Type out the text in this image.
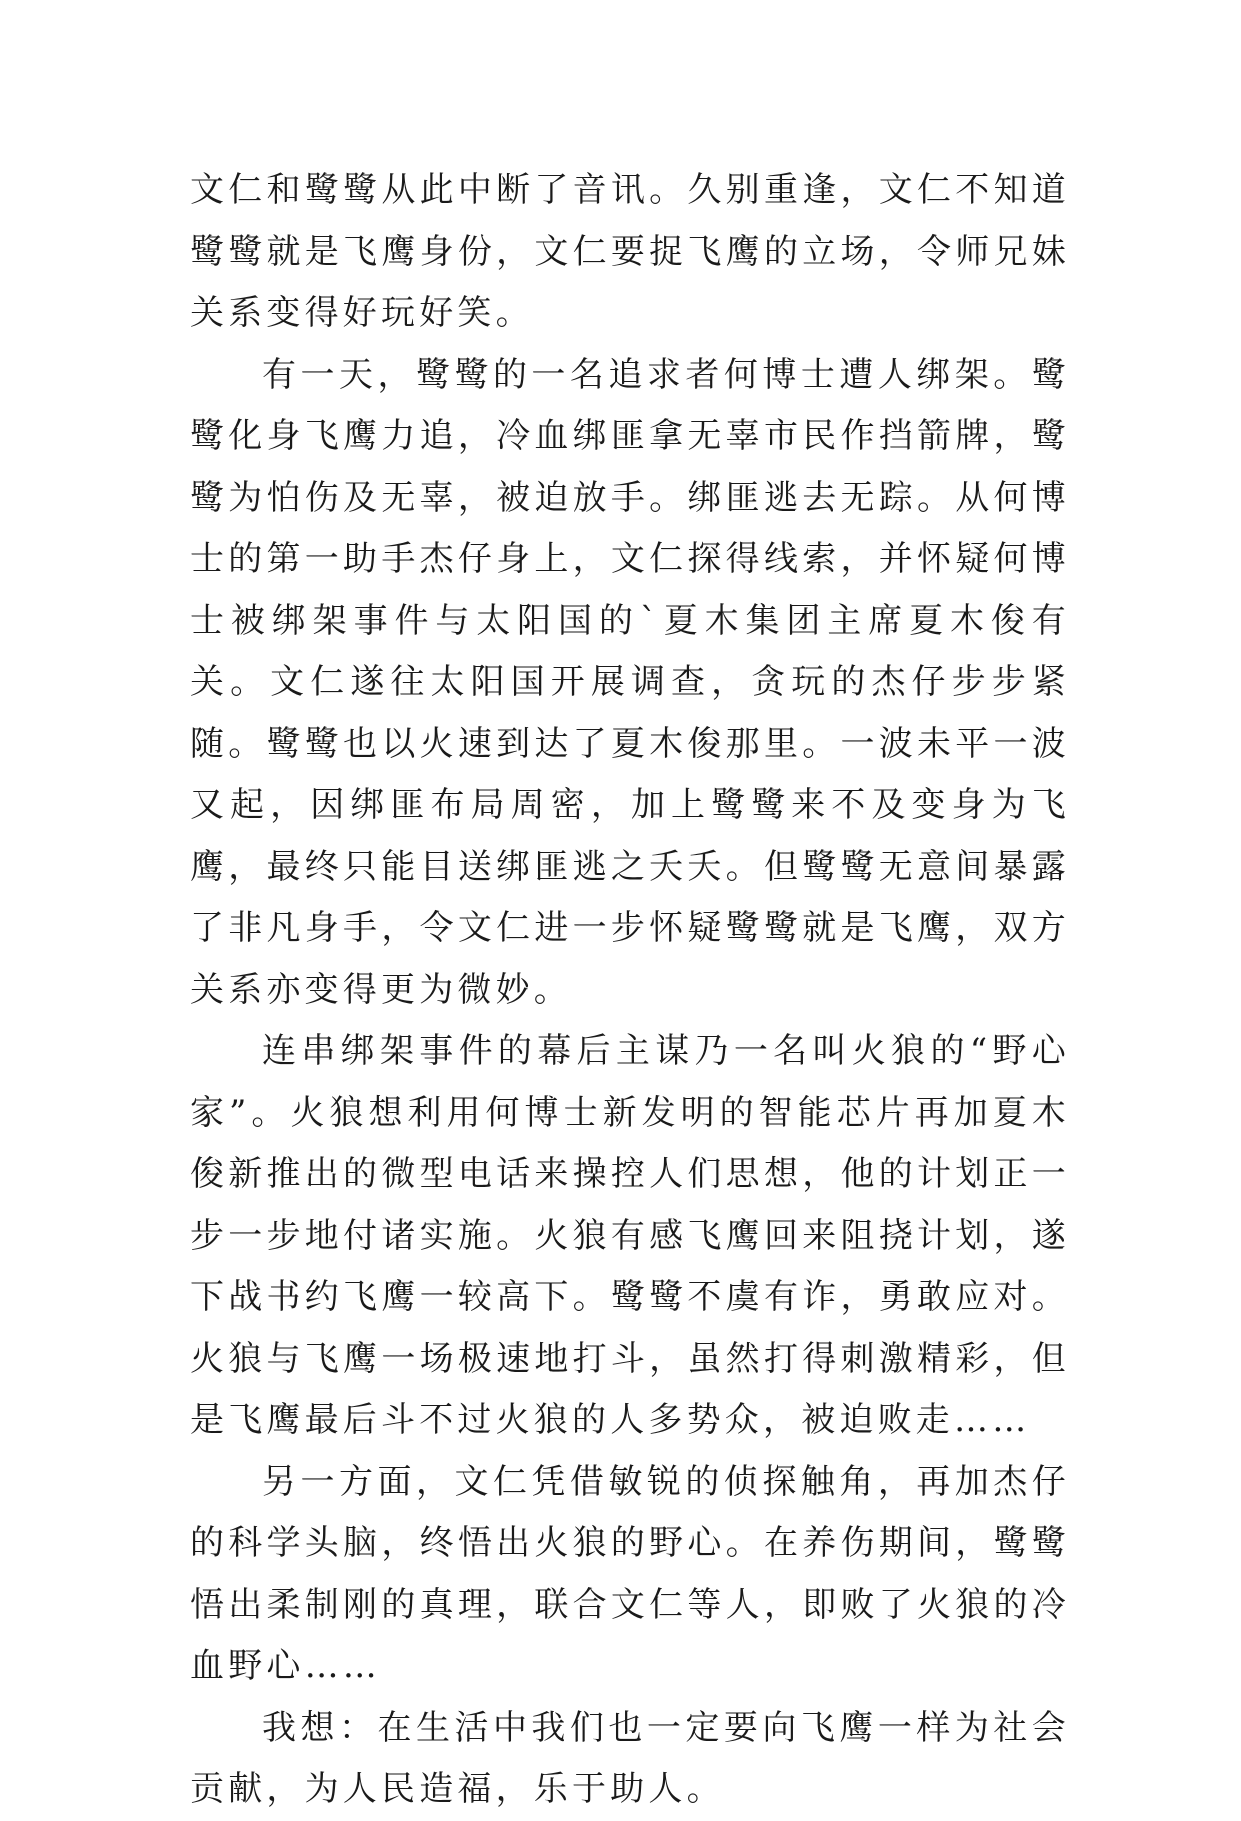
文仁和鹭鹭从此中断了音讯。久别重逢，文仁不知道鹭鹭就是飞鹰身份，文仁要捉飞鹰的立场，令师兄妹关系变得好玩好笑。

有一天，鹭鹭的一名追求者何博士遭人绑架。鹭鹭化身飞鹰力追，冷血绑匪拿无辜市民作挡箭牌，鹭鹭为怕伤及无辜，被迫放手。绑匪逃去无踪。从何博士的第一助手杰仔身上，文仁探得线索，并怀疑何博士被绑架事件与太阳国的`夏木集团主席夏木俊有关。文仁遂往太阳国开展调查，贪玩的杰仔步步紧随。鹭鹭也以火速到达了夏木俊那里。一波未平一波又起，因绑匪布局周密，加上鹭鹭来不及变身为飞鹰，最终只能目送绑匪逃之夭夭。但鹭鹭无意间暴露了非凡身手，令文仁进一步怀疑鹭鹭就是飞鹰，双方关系亦变得更为微妙。

连串绑架事件的幕后主谋乃一名叫火狼的“野心家”。火狼想利用何博士新发明的智能芯片再加夏木俊新推出的微型电话来操控人们思想，他的计划正一步一步地付诸实施。火狼有感飞鹰回来阻挠计划，遂下战书约飞鹰一较高下。鹭鹭不虞有诈，勇敢应对。火狼与飞鹰一场极速地打斗，虽然打得刺激精彩，但是飞鹰最后斗不过火狼的人多势众，被迫败走……

另一方面，文仁凭借敏锐的侦探触角，再加杰仔的科学头脑，终悟出火狼的野心。在养伤期间，鹭鹭悟出柔制刚的真理，联合文仁等人，即败了火狼的冷血野心……

我想：在生活中我们也一定要向飞鹰一样为社会贡献，为人民造福，乐于助人。
